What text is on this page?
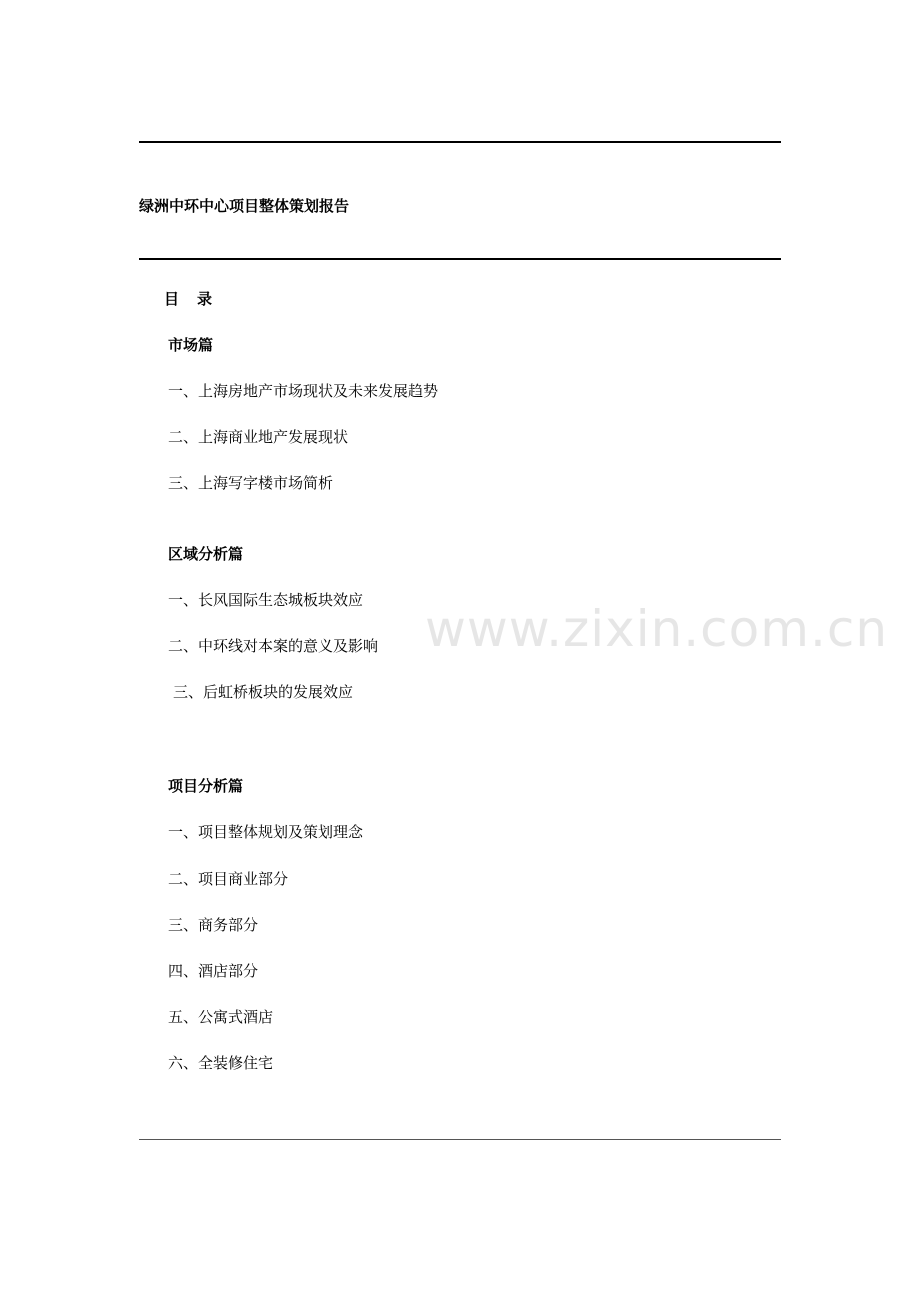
绿洲中环中心项目整体策划报告
目 录
市场篇
一、上海房地产市场现状及未来发展趋势
二、上海商业地产发展现状
三、上海写字楼市场简析
区域分析篇
一、长风国际生态城板块效应
二、中环线对本案的意义及影响
三、后虹桥板块的发展效应
项目分析篇
一、项目整体规划及策划理念
二、项目商业部分
三、商务部分
四、酒店部分
五、公寓式酒店
六、全装修住宅
www.zixin.com.cn
